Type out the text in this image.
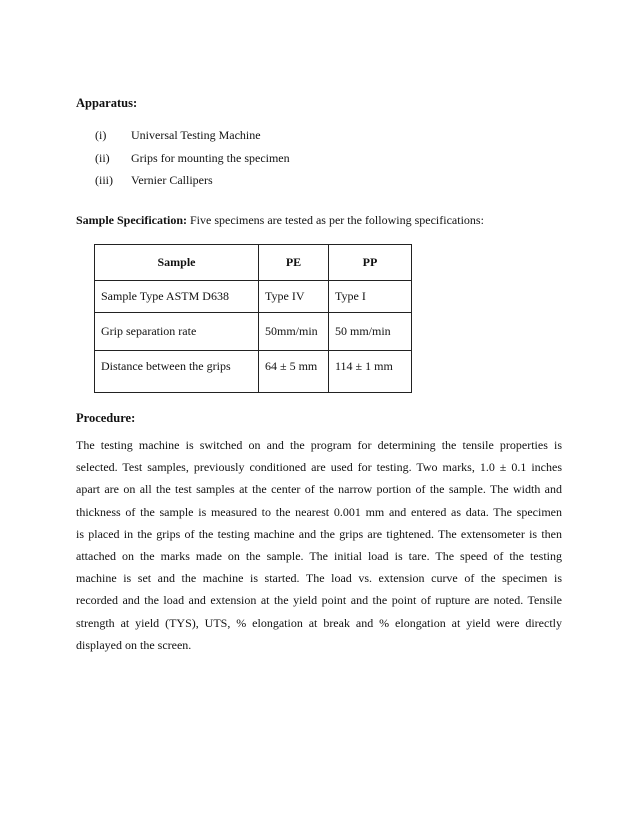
Apparatus:
(i)	Universal Testing Machine
(ii)	Grips for mounting the specimen
(iii)	Vernier Callipers
Sample Specification: Five specimens are tested as per the following specifications:
Sample	PE	PP
Sample Type ASTM D638	Type IV	Type I
Grip separation rate	50mm/min	50 mm/min
Distance between the grips	64 ± 5 mm	114 ± 1 mm
Procedure:
The testing machine is switched on and the program for determining the tensile properties is
selected. Test samples, previously conditioned are used for testing. Two marks, 1.0 ± 0.1 inches
apart are on all the test samples at the center of the narrow portion of the sample. The width and
thickness of the sample is measured to the nearest 0.001 mm and entered as data. The specimen
is placed in the grips of the testing machine and the grips are tightened. The extensometer is then
attached on the marks made on the sample. The initial load is tare. The speed of the testing
machine is set and the machine is started. The load vs. extension curve of the specimen is
recorded and the load and extension at the yield point and the point of rupture are noted. Tensile
strength at yield (TYS), UTS, % elongation at break and % elongation at yield were directly
displayed on the screen.
